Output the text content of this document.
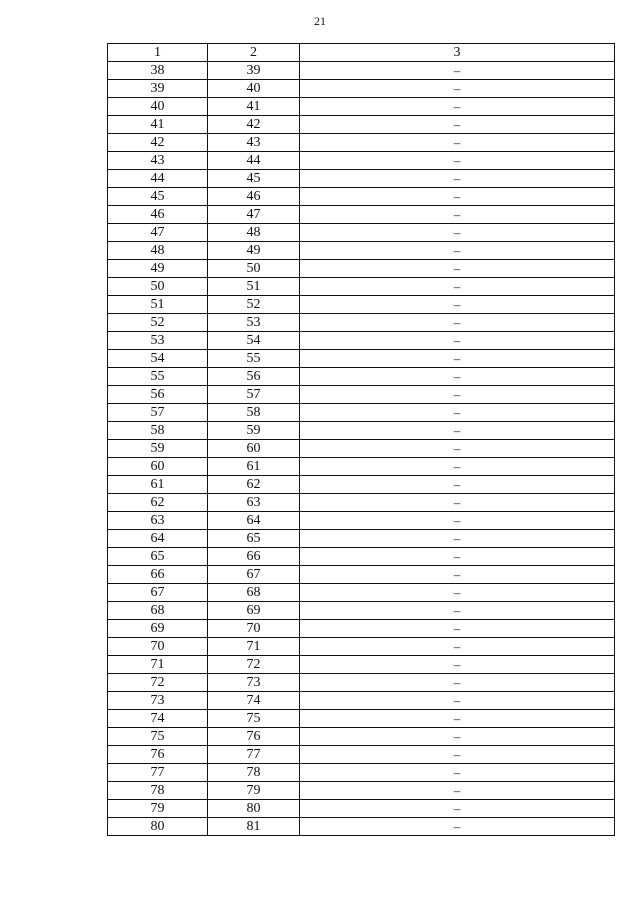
21
1	2	3
38	39	–
39	40	–
40	41	–
41	42	–
42	43	–
43	44	–
44	45	–
45	46	–
46	47	–
47	48	–
48	49	–
49	50	–
50	51	–
51	52	–
52	53	–
53	54	–
54	55	–
55	56	–
56	57	–
57	58	–
58	59	–
59	60	–
60	61	–
61	62	–
62	63	–
63	64	–
64	65	–
65	66	–
66	67	–
67	68	–
68	69	–
69	70	–
70	71	–
71	72	–
72	73	–
73	74	–
74	75	–
75	76	–
76	77	–
77	78	–
78	79	–
79	80	–
80	81	–
